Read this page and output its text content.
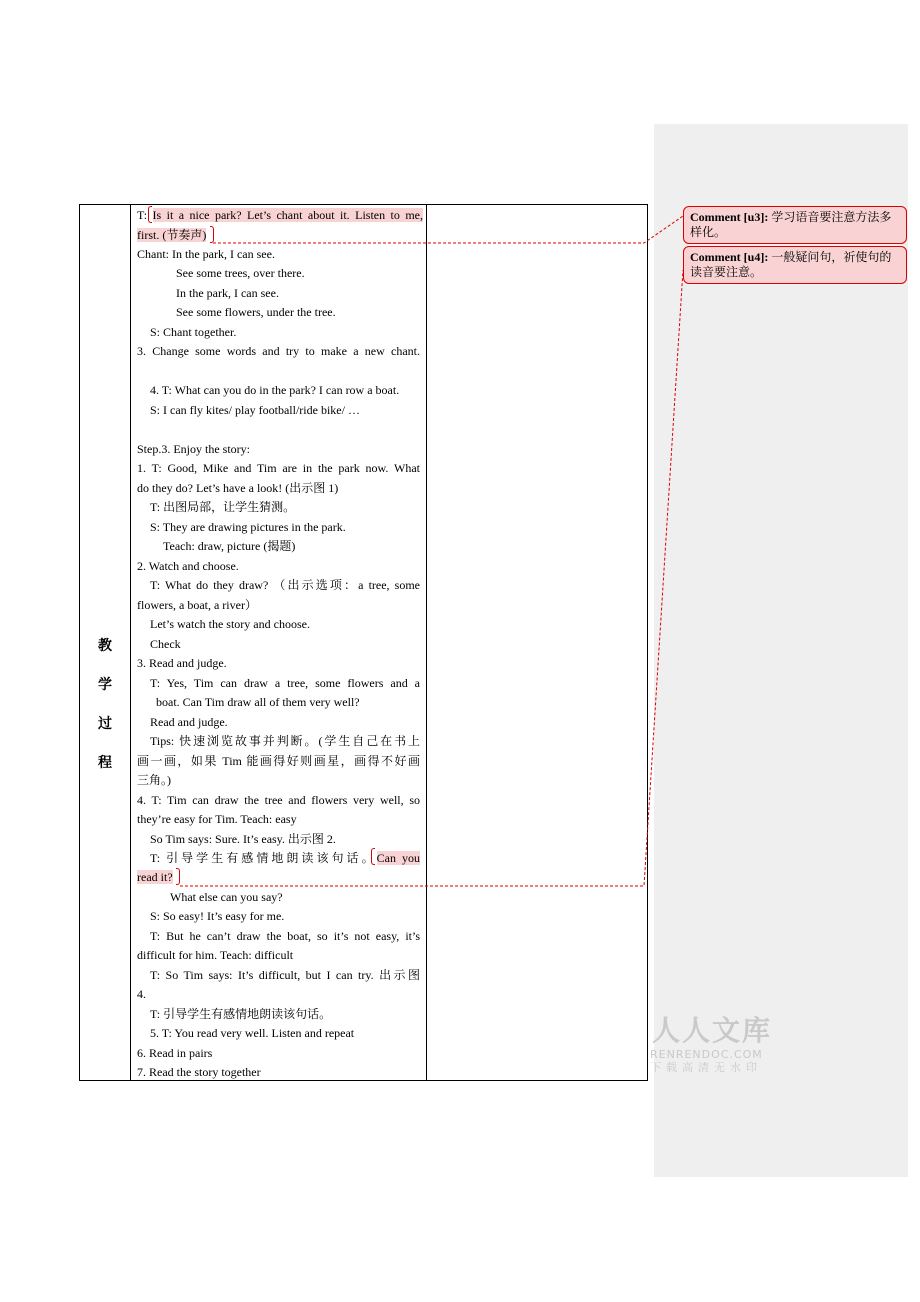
教
学
过
程
T: Is it a nice park? Let’s chant about it. Listen to me,
first. (节奏声)
Chant: In the park, I can see.
See some trees, over there.
In the park, I can see.
See some flowers, under the tree.
S: Chant together.
3. Change some words and try to make a new chant.
4. T: What can you do in the park? I can row a boat.
S: I can fly kites/ play football/ride bike/ …
Step.3. Enjoy the story:
1. T: Good, Mike and Tim are in the park now. What
do they do? Let’s have a look! (出示图 1)
T: 出图局部，让学生猜测。
S: They are drawing pictures in the park.
Teach: draw, picture (揭题)
2. Watch and choose.
T: What do they draw? （出示选项：a tree, some
flowers, a boat, a river）
Let’s watch the story and choose.
Check
3. Read and judge.
T: Yes, Tim can draw a tree, some flowers and a
boat. Can Tim draw all of them very well?
Read and judge.
Tips: 快速浏览故事并判断。(学生自己在书上
画一画，如果 Tim 能画得好则画星，画得不好画
三角。)
4. T: Tim can draw the tree and flowers very well, so
they’re easy for Tim. Teach: easy
So Tim says: Sure. It’s easy. 出示图 2.
T: 引导学生有感情地朗读该句话。Can you
read it?
What else can you say?
S: So easy! It’s easy for me.
T: But he can’t draw the boat, so it’s not easy, it’s
difficult for him. Teach: difficult
T: So Tim says: It’s difficult, but I can try. 出示图
4.
T: 引导学生有感情地朗读该句话。
5. T: You read very well. Listen and repeat
6. Read in pairs
7. Read the story together
Comment [u3]: 学习语音要注意方法多样化。
Comment [u4]: 一般疑问句，祈使句的读音要注意。
人人文库
RENRENDOC.COM
下载高清无水印
